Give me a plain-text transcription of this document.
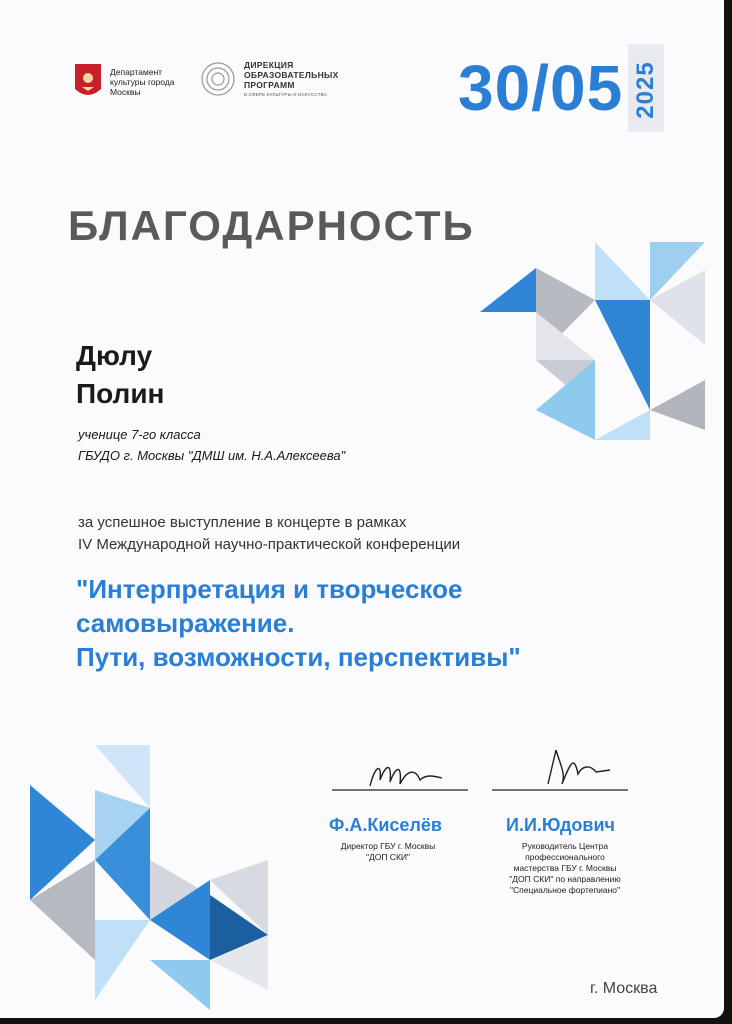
Департамент культуры города Москвы
ДИРЕКЦИЯ
ОБРАЗОВАТЕЛЬНЫХ
ПРОГРАММ
В СФЕРЕ КУЛЬТУРЫ И ИСКУССТВА 30/05 2025
БЛАГОДАРНОСТЬ
Дюлу
Полин
ученице 7-го класса
ГБУДО г. Москвы "ДМШ им. Н.А.Алексеева"
за успешное выступление в концерте в рамках
IV Международной научно-практической конференции
"Интерпретация и творческое
самовыражение.
Пути, возможности, перспективы"
Ф.А.Киселёв
Директор ГБУ г. Москвы
"ДОП СКИ"
И.И.Юдович
Руководитель Центра
профессионального
мастерства ГБУ г. Москвы
"ДОП СКИ" по направлению
"Специальное фортепиано"
г. Москва
